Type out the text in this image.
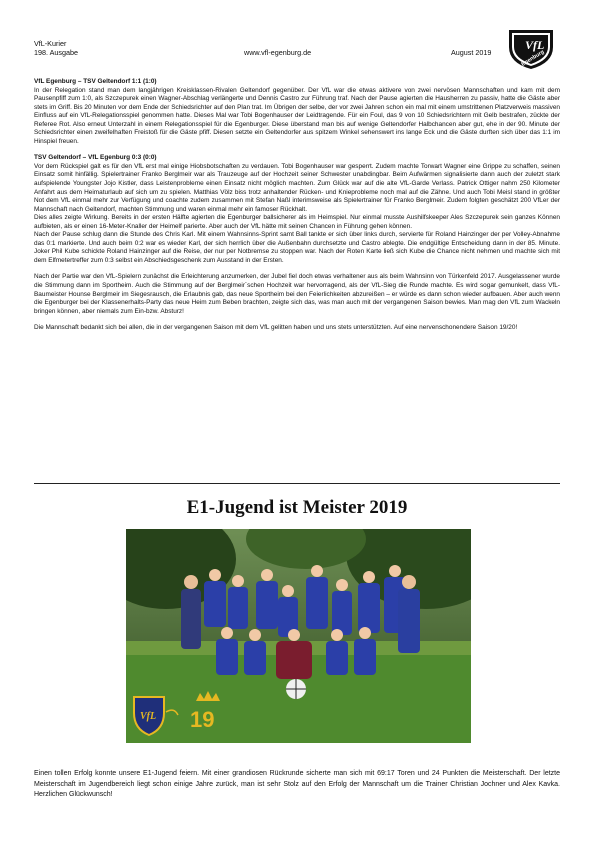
VfL-Kurier
198. Ausgabe	www.vfl-egenburg.de	August 2019
VfL
Egenburg

VfL Egenburg – TSV Geltendorf 1:1 (1:0)

In der Relegation stand man dem langjährigen Kreisklassen-Rivalen Geltendorf gegenüber. Der VfL war die etwas aktivere von zwei nervösen Mannschaften und kam mit dem Pausenpfiff zum 1:0, als Szczepurek einen Wagner-Abschlag verlängerte und Dennis Castro zur Führung traf. Nach der Pause agierten die Hausherren zu passiv, hatte die Gäste aber stets im Griff. Bis 20 Minuten vor dem Ende der Schiedsrichter auf den Plan trat. Im Übrigen der selbe, der vor zwei Jahren schon ein mal mit einem umstrittenen Platzverweis massiven Einfluss auf ein VfL-Relegationsspiel genommen hatte. Dieses Mal war Tobi Bogenhauser der Leidtragende. Für ein Foul, das 9 von 10 Schiedsrichtern mit Gelb bestrafen, zückte der Referee Rot. Also erneut Unterzahl in einem Relegationsspiel für die Egenburger. Diese überstand man bis auf wenige Geltendorfer Halbchancen aber gut, ehe in der 90. Minute der Schiedsrichter einen zweifelhaften Freistoß für die Gäste pfiff. Diesen setzte ein Geltendorfer aus spitzem Winkel sehenswert ins lange Eck und die Gäste durften sich über das 1:1 im Hinspiel freuen.

TSV Geltendorf – VfL Egenburg 0:3 (0:0)

Vor dem Rückspiel galt es für den VfL erst mal einige Hiobsbotschaften zu verdauen. Tobi Bogenhauser war gesperrt. Zudem machte Torwart Wagner eine Grippe zu schaffen, seinen Einsatz somit hinfällig. Spielertrainer Franko Berglmeir war als Trauzeuge auf der Hochzeit seiner Schwester unabdingbar. Beim Aufwärmen signalisierte dann auch der zuletzt stark aufspielende Youngster Jojo Kistler, dass Leistenprobleme einen Einsatz nicht möglich machten. Zum Glück war auf die alte VfL-Garde Verlass. Patrick Ottiger nahm 250 Kilometer Anfahrt aus dem Heimaturlaub auf sich um zu spielen. Matthias Völz biss trotz anhaltender Rücken- und Knieprobleme noch mal auf die Zähne. Und auch Tobi Meisl stand in größter Not dem VfL einmal mehr zur Verfügung und coachte zudem zusammen mit Stefan Naßl interimsweise als Spielertrainer für Franko Berglmeir. Zudem folgten geschätzt 200 VfLer der Mannschaft nach Geltendorf, machten Stimmung und waren einmal mehr ein famoser Rückhalt.

Dies alles zeigte Wirkung. Bereits in der ersten Hälfte agierten die Egenburger ballsicherer als im Heimspiel. Nur einmal musste Aushilfskeeper Ales Szczepurek sein ganzes Können aufbieten, als er einen 16-Meter-Knaller der Heimelf parierte. Aber auch der VfL hätte mit seinen Chancen in Führung gehen können.

Nach der Pause schlug dann die Stunde des Chris Karl. Mit einem Wahnsinns-Sprint samt Ball tankte er sich über links durch, servierte für Roland Hainzinger der per Volley-Abnahme das 0:1 markierte. Und auch beim 0:2 war es wieder Karl, der sich herrlich über die Außenbahn durchsetzte und Castro ablegte. Die endgültige Entscheidung dann in der 85. Minute. Joker Phil Kube schickte Roland Hainzinger auf die Reise, der nur per Notbremse zu stoppen war. Nach der Roten Karte ließ sich Kube die Chance nicht nehmen und machte sich mit dem Elfmetertreffer zum 0:3 selbst ein Abschiedsgeschenk zum Ausstand in der Ersten.

Nach der Partie war den VfL-Spielern zunächst die Erleichterung anzumerken, der Jubel fiel doch etwas verhaltener aus als beim Wahnsinn von Türkenfeld 2017. Ausgelassener wurde die Stimmung dann im Sportheim. Auch die Stimmung auf der Berglmeir´schen Hochzeit war hervorragend, als der VfL-Sieg die Runde machte. Es wird sogar gemunkelt, dass VfL-Baumeister Hounse Berglmeir im Siegesrausch, die Erlaubnis gab, das neue Sportheim bei den Feierlichkeiten abzureißen – er würde es dann schon wieder aufbauen. Aber auch wenn die Egenburger bei der Klassenerhalts-Party das neue Heim zum Beben brachten, zeigte sich das, was man auch mit der vergangenen Saison bewies. Man mag den VfL zum Wackeln bringen können, aber niemals zum Ein-bzw. Absturz!

Die Mannschaft bedankt sich bei allen, die in der vergangenen Saison mit dem VfL gelitten haben und uns stets unterstützten. Auf eine nervenschonendere Saison 19/20!

E1-Jugend ist Meister 2019
VfL 19
Einen tollen Erfolg konnte unsere E1-Jugend feiern. Mit einer grandiosen Rückrunde sicherte man sich mit 69:17 Toren und 24 Punkten die Meisterschaft. Der letzte Meisterschaft im Jugendbereich liegt schon einige Jahre zurück, man ist sehr Stolz auf den Erfolg der Mannschaft um die Trainer Christian Jochner und Alex Kavka. Herzlichen Glückwunsch!
